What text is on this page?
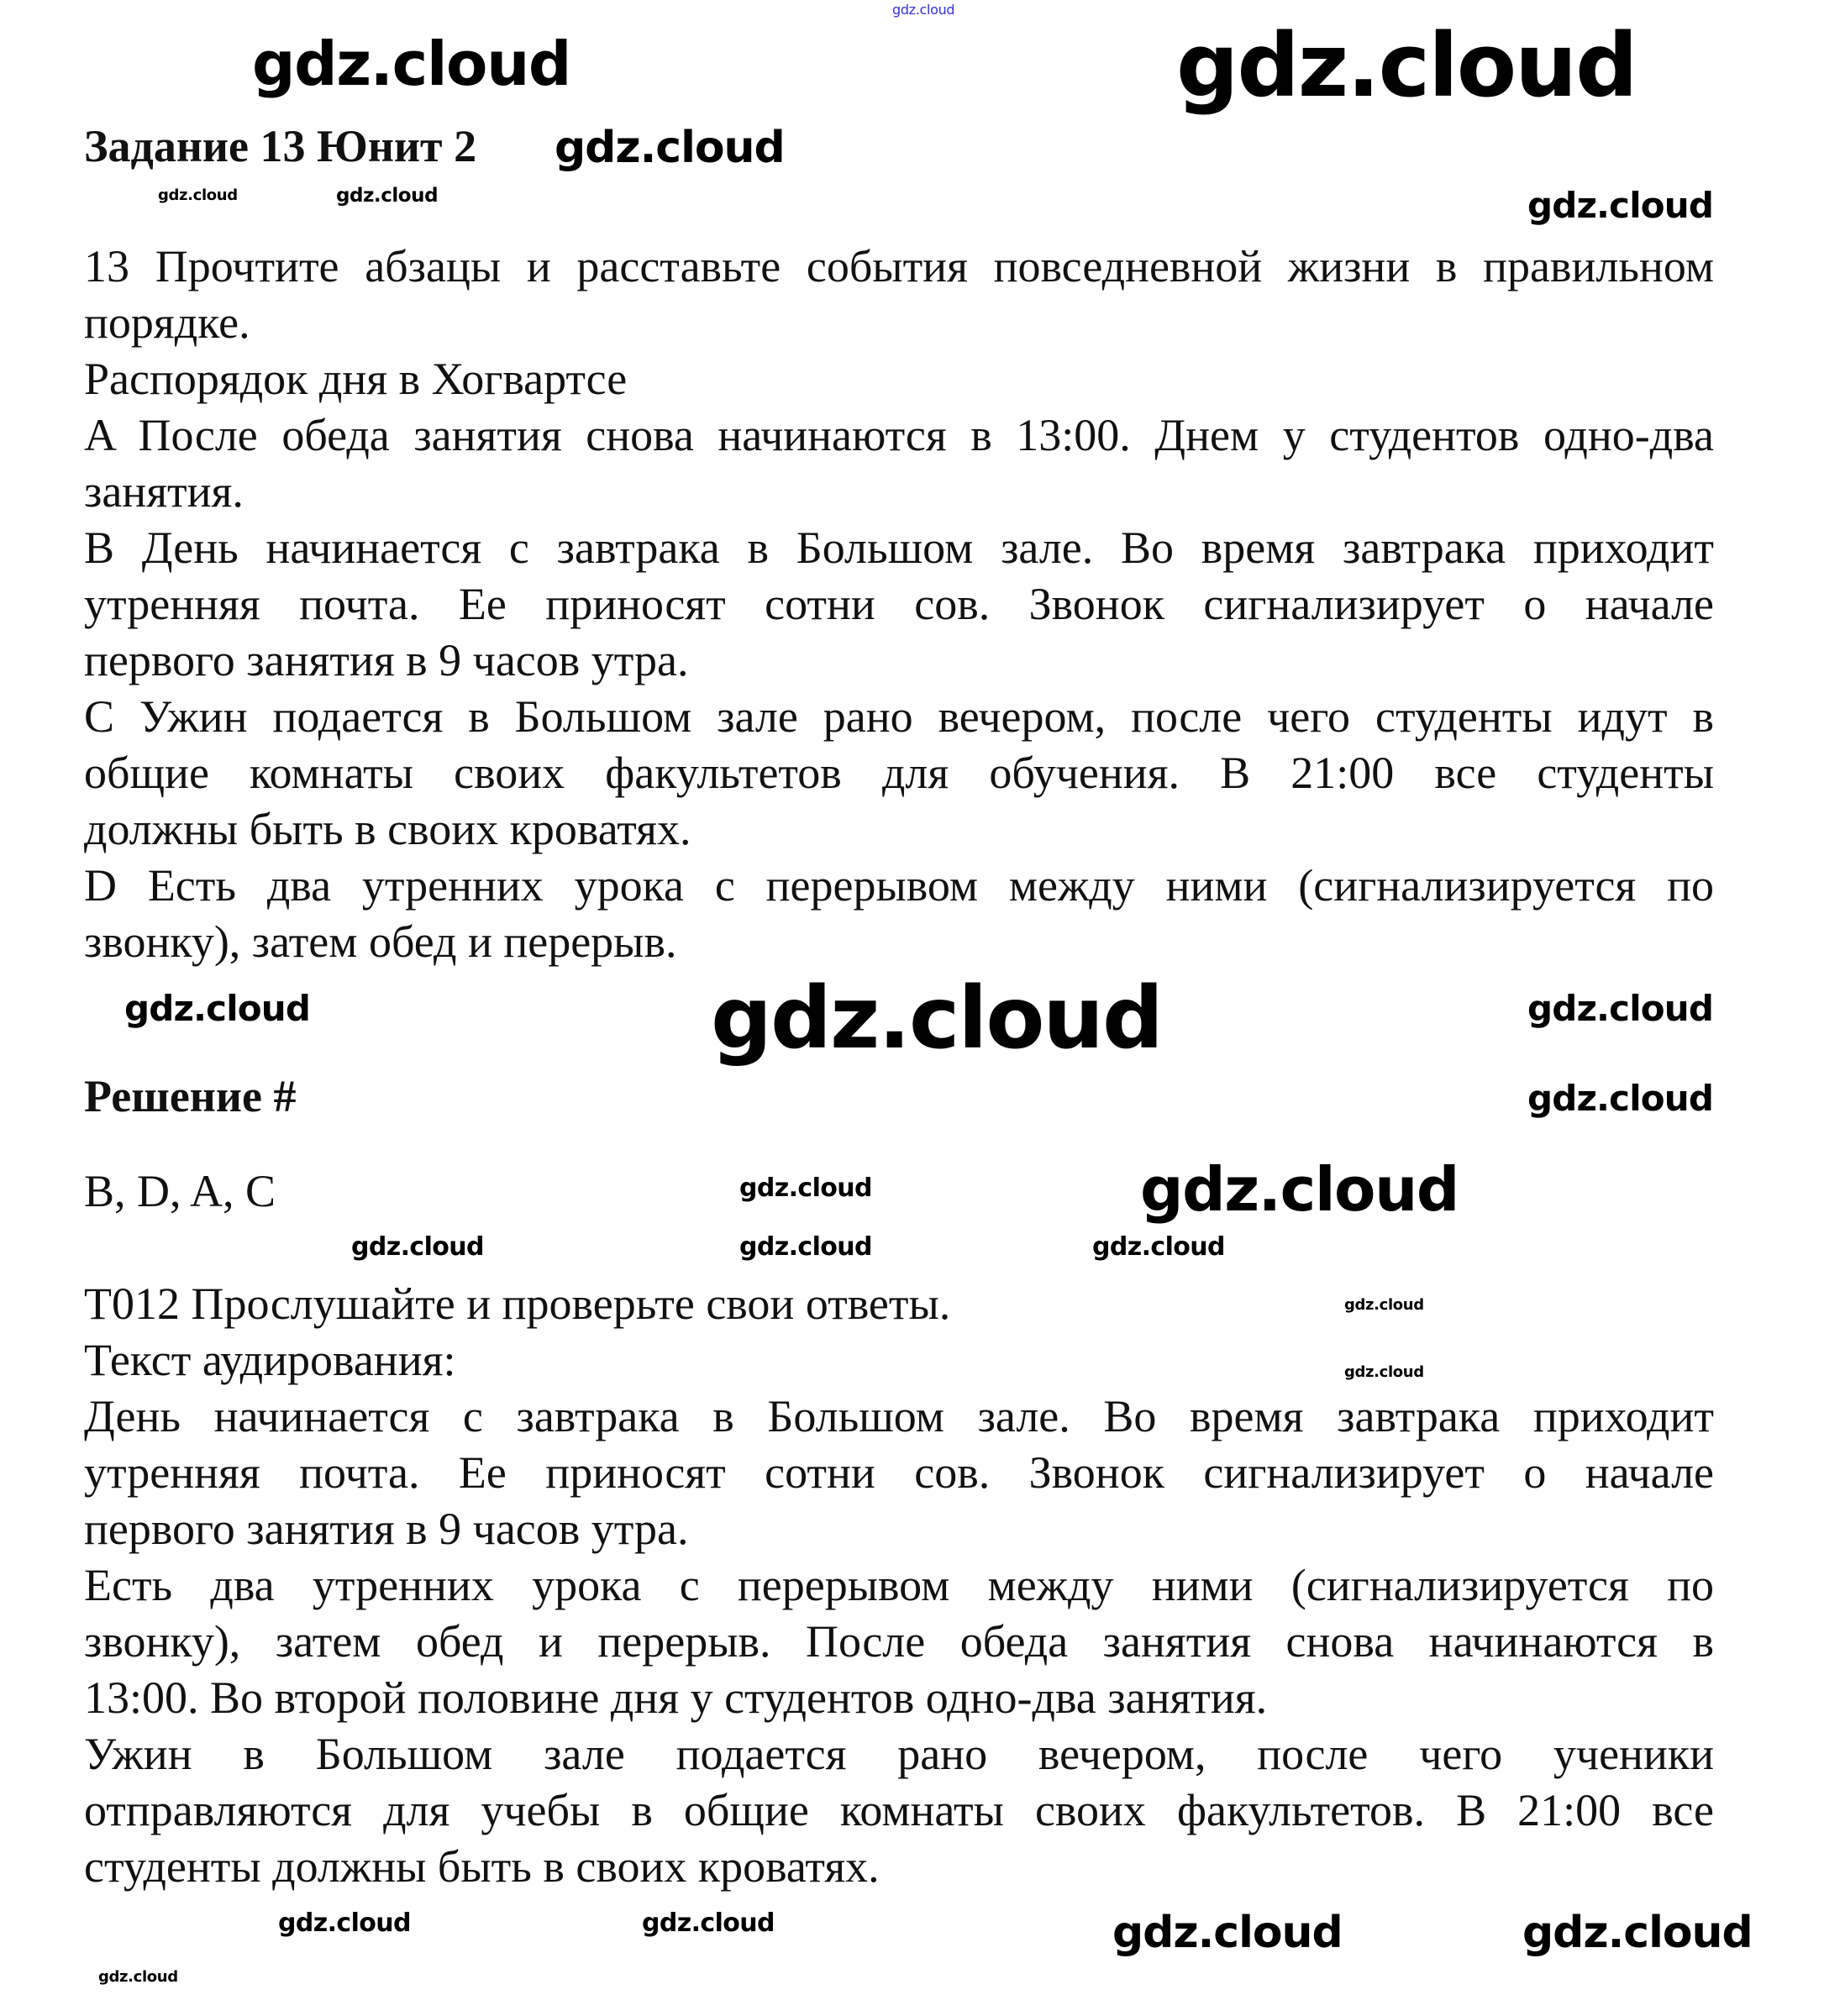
gdz.cloud
Задание 13 Юнит 2
13 Прочтите абзацы и расставьте события повседневной жизни в правильном
порядке.
Распорядок дня в Хогвартсе
A После обеда занятия снова начинаются в 13:00. Днем у студентов одно-два
занятия.
B День начинается с завтрака в Большом зале. Во время завтрака приходит
утренняя почта. Ее приносят сотни сов. Звонок сигнализирует о начале
первого занятия в 9 часов утра.
C Ужин подается в Большом зале рано вечером, после чего студенты идут в
общие комнаты своих факультетов для обучения. В 21:00 все студенты
должны быть в своих кроватях.
D Есть два утренних урока с перерывом между ними (сигнализируется по
звонку), затем обед и перерыв.
Решение #
B, D, A, C
T012 Прослушайте и проверьте свои ответы.
Текст аудирования:
День начинается с завтрака в Большом зале. Во время завтрака приходит
утренняя почта. Ее приносят сотни сов. Звонок сигнализирует о начале
первого занятия в 9 часов утра.
Есть два утренних урока с перерывом между ними (сигнализируется по
звонку), затем обед и перерыв. После обеда занятия снова начинаются в
13:00. Во второй половине дня у студентов одно-два занятия.
Ужин в Большом зале подается рано вечером, после чего ученики
отправляются для учебы в общие комнаты своих факультетов. В 21:00 все
студенты должны быть в своих кроватях.
gdz.cloud
gdz.cloud
gdz.cloud
gdz.cloud
gdz.cloud	gdz.cloud
gdz.cloud
gdz.cloud	gdz.cloud
gdz.cloud
gdz.cloud
gdz.cloud	gdz.cloud
gdz.cloud
gdz.cloud
gdz.cloud
gdz.cloud
gdz.cloud	gdz.cloud	gdz.cloud	gdz.cloud
gdz.cloud
